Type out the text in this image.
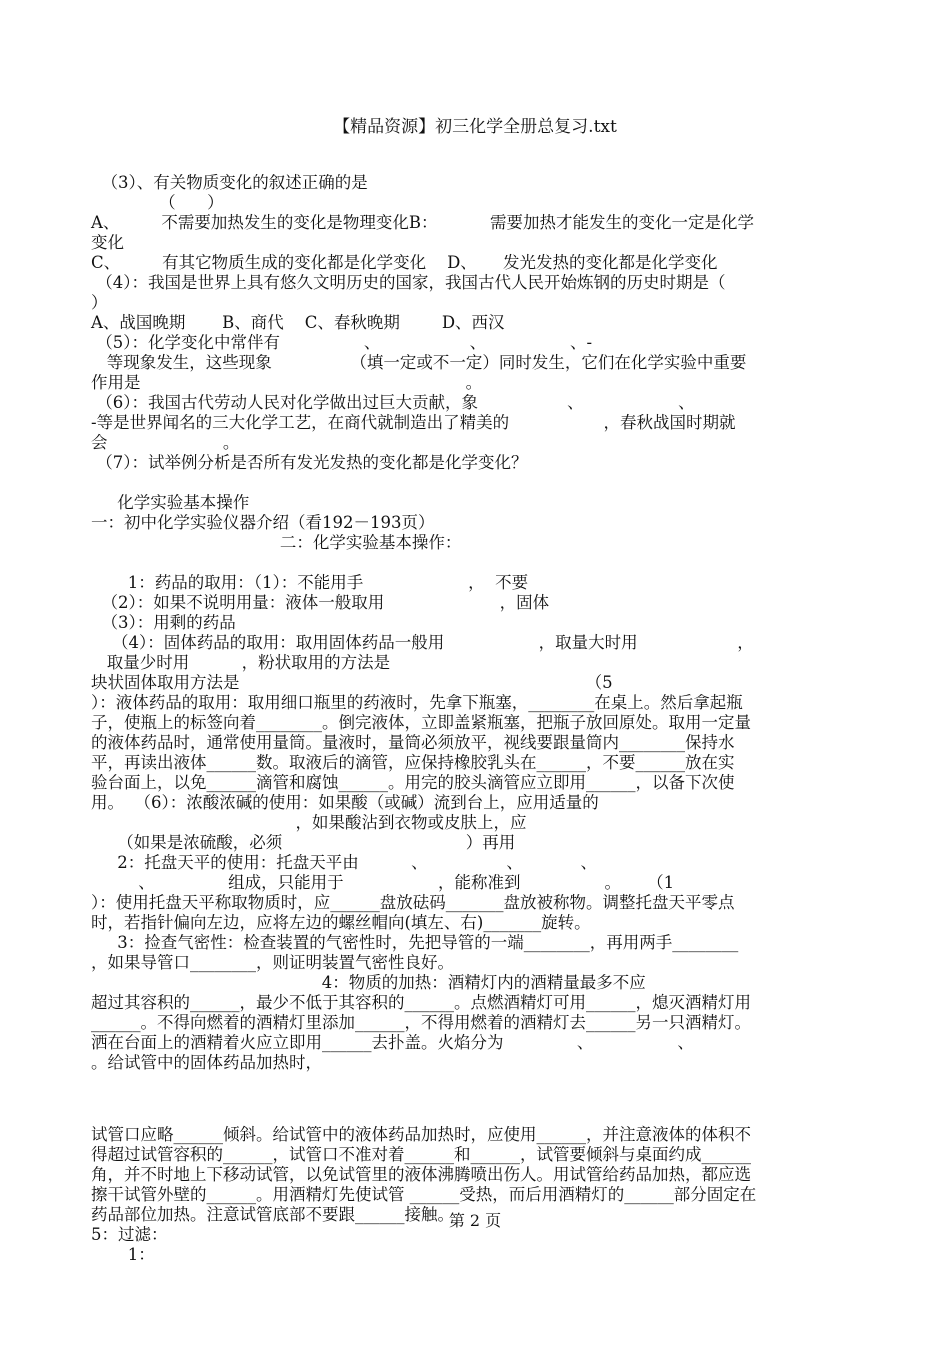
【精品资源】初三化学全册总复习.txt
（3）、有关物质变化的叙述正确的是
（      ）
A、        不需要加热发生的变化是物理变化B：          需要加热才能发生的变化一定是化学
变化
C、        有其它物质生成的变化都是化学变化    D、     发光发热的变化都是化学变化
（4）：我国是世界上具有悠久文明历史的国家，我国古代人民开始炼钢的历史时期是（
）
A、战国晚期       B、商代    C、春秋晚期        D、西汉
（5）：化学变化中常伴有                、                 、                、-
等现象发生，这些现象               （填一定或不一定）同时发生，它们在化学实验中重要
作用是                                                              。
（6）：我国古代劳动人民对化学做出过巨大贡献，象                 、                  、
-等是世界闻名的三大化学工艺，在商代就制造出了精美的                  ，春秋战国时期就
会                      。
（7）：试举例分析是否所有发光发热的变化都是化学变化？
化学实验基本操作
一：初中化学实验仪器介绍（看192－193页）
二：化学实验基本操作：
1：药品的取用：（1）：不能用手                    ，  不要
（2）：如果不说明用量：液体一般取用                      ，固体
（3）：用剩的药品
（4）：固体药品的取用：取用固体药品一般用                  ，取量大时用                   ，
取量少时用          ，粉状取用的方法是
块状固体取用方法是                                                                  （5
）：液体药品的取用：取用细口瓶里的药液时，先拿下瓶塞，________在桌上。然后拿起瓶
子，使瓶上的标签向着________。倒完液体，立即盖紧瓶塞，把瓶子放回原处。取用一定量
的液体药品时，通常使用量筒。量液时，量筒必须放平，视线要跟量筒内________保持水
平，再读出液体______数。取液后的滴管，应保持橡胶乳头在______，不要______放在实
验台面上，以免______滴管和腐蚀______。用完的胶头滴管应立即用______，以备下次使
用。  （6）：浓酸浓碱的使用：如果酸（或碱）流到台上，应用适量的
，如果酸沾到衣物或皮肤上，应
（如果是浓硫酸，必须                                   ）再用
2：托盘天平的使用：托盘天平由          、               、           、
、              组成，只能用于                  ，能称准到                。     （1
）：使用托盘天平称取物质时，应______盘放砝码_______盘放被称物。调整托盘天平零点
时，若指针偏向左边，应将左边的螺丝帽向(填左、右)_______旋转。
3：捡查气密性：检查装置的气密性时，先把导管的一端________，再用两手________
，如果导管口________，则证明装置气密性良好。
4：物质的加热：酒精灯内的酒精量最多不应
超过其容积的______，最少不低于其容积的______。点燃酒精灯可用______，熄灭酒精灯用
______。不得向燃着的酒精灯里添加______，不得用燃着的酒精灯去______另一只酒精灯。
洒在台面上的酒精着火应立即用______去扑盖。火焰分为              、                、
。给试管中的固体药品加热时，
试管口应略______倾斜。给试管中的液体药品加热时，应使用______，并注意液体的体积不
得超过试管容积的______，试管口不准对着______和______，试管要倾斜与桌面约成______
角，并不时地上下移动试管，以免试管里的液体沸腾喷出伤人。用试管给药品加热，都应选
擦干试管外壁的______。用酒精灯先使试管 ______受热，而后用酒精灯的______部分固定在
药品部位加热。注意试管底部不要跟______接触。
5：过滤：
1：
第 2 页
